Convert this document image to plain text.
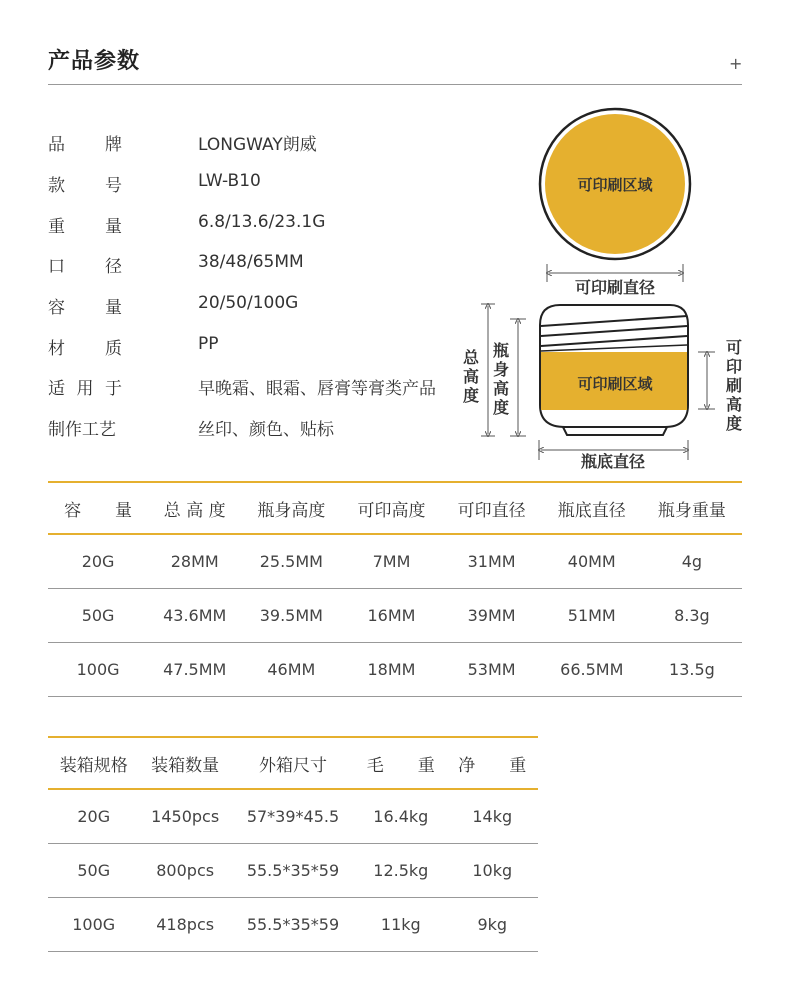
产品参数	+
品 牌	LONGWAY朗威
款 号	LW-B10
重 量	6.8/13.6/23.1G
口 径	38/48/65MM
容 量	20/50/100G
材 质	PP
适 用 于	早晚霜、眼霜、唇膏等膏类产品
制作工艺	丝印、颜色、贴标
可印刷区域
可印刷直径
可印刷区域
总
高
度
瓶
身
高
度
可
印
刷
高
度
瓶底直径
容　　量	总 高 度	瓶身高度	可印高度	可印直径	瓶底直径	瓶身重量
20G	28MM	25.5MM	7MM	31MM	40MM	4g
50G	43.6MM	39.5MM	16MM	39MM	51MM	8.3g
100G	47.5MM	46MM	18MM	53MM	66.5MM	13.5g
装箱规格	装箱数量	外箱尺寸	毛　　重	净　　重
20G	1450pcs	57*39*45.5	16.4kg	14kg
50G	800pcs	55.5*35*59	12.5kg	10kg
100G	418pcs	55.5*35*59	11kg	9kg
